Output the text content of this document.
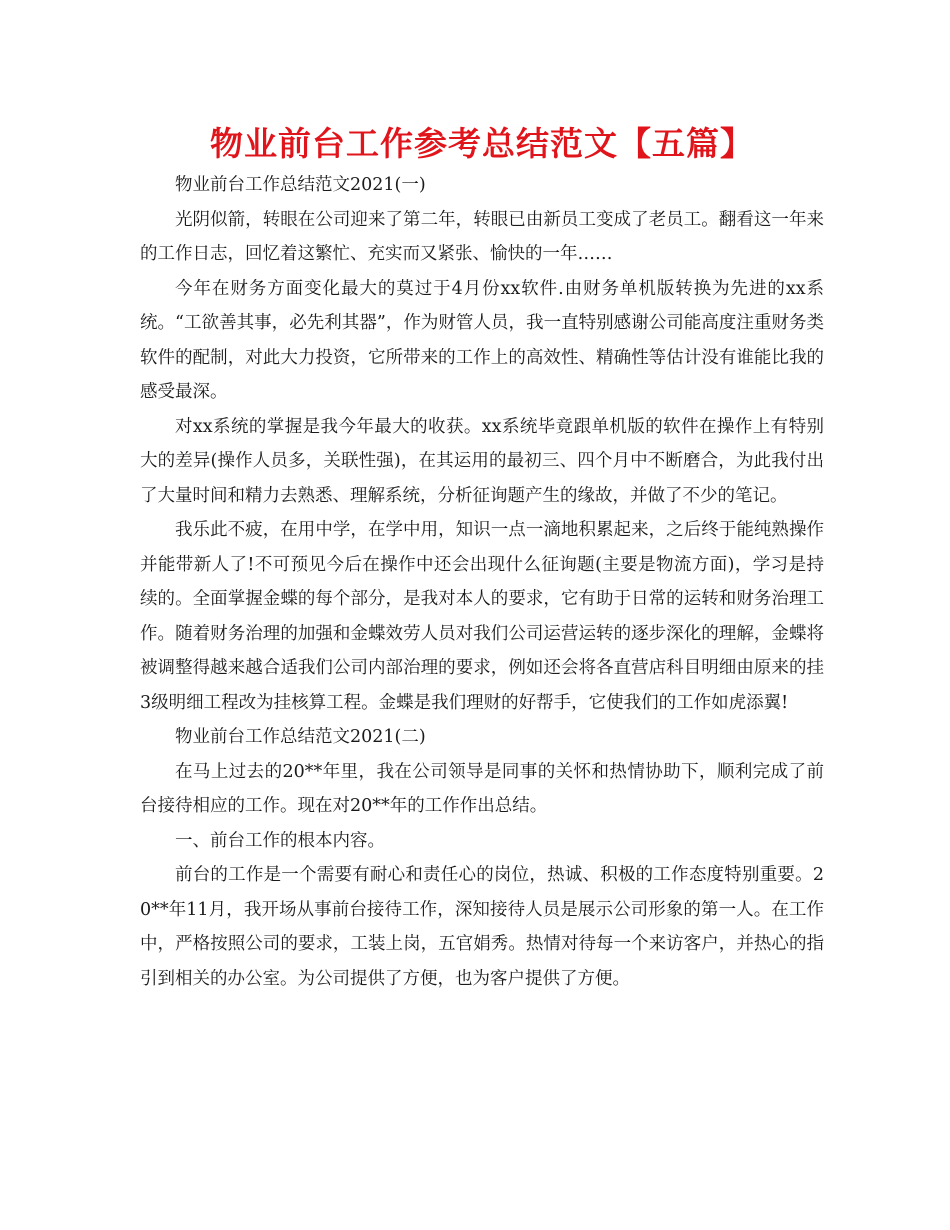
物业前台工作参考总结范文【五篇】

物业前台工作总结范文2021(一)

光阴似箭，转眼在公司迎来了第二年，转眼已由新员工变成了老员工。翻看这一年来的工作日志，回忆着这繁忙、充实而又紧张、愉快的一年……

今年在财务方面变化最大的莫过于4月份xx软件.由财务单机版转换为先进的xx系统。“工欲善其事，必先利其器”，作为财管人员，我一直特别感谢公司能高度注重财务类软件的配制，对此大力投资，它所带来的工作上的高效性、精确性等估计没有谁能比我的感受最深。

对xx系统的掌握是我今年最大的收获。xx系统毕竟跟单机版的软件在操作上有特别大的差异(操作人员多，关联性强)，在其运用的最初三、四个月中不断磨合，为此我付出了大量时间和精力去熟悉、理解系统，分析征询题产生的缘故，并做了不少的笔记。

我乐此不疲，在用中学，在学中用，知识一点一滴地积累起来，之后终于能纯熟操作并能带新人了!不可预见今后在操作中还会出现什么征询题(主要是物流方面)，学习是持续的。全面掌握金蝶的每个部分，是我对本人的要求，它有助于日常的运转和财务治理工作。随着财务治理的加强和金蝶效劳人员对我们公司运营运转的逐步深化的理解，金蝶将被调整得越来越合适我们公司内部治理的要求，例如还会将各直营店科目明细由原来的挂3级明细工程改为挂核算工程。金蝶是我们理财的好帮手，它使我们的工作如虎添翼!

物业前台工作总结范文2021(二)

在马上过去的20**年里，我在公司领导是同事的关怀和热情协助下，顺利完成了前台接待相应的工作。现在对20**年的工作作出总结。

一、前台工作的根本内容。

前台的工作是一个需要有耐心和责任心的岗位，热诚、积极的工作态度特别重要。20**年11月，我开场从事前台接待工作，深知接待人员是展示公司形象的第一人。在工作中，严格按照公司的要求，工装上岗，五官娟秀。热情对待每一个来访客户，并热心的指引到相关的办公室。为公司提供了方便，也为客户提供了方便。
